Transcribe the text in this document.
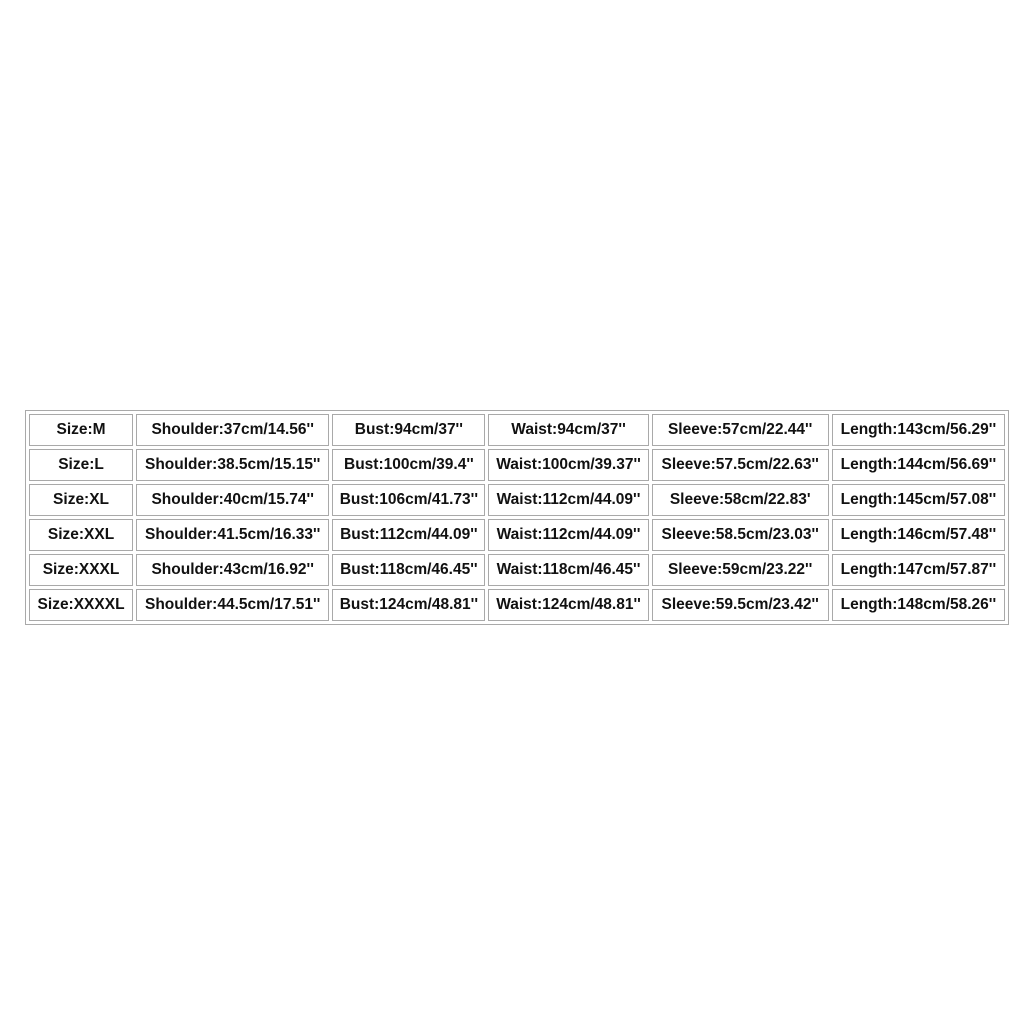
Size:M	Shoulder:37cm/14.56''	Bust:94cm/37''	Waist:94cm/37''	Sleeve:57cm/22.44''	Length:143cm/56.29''
Size:L	Shoulder:38.5cm/15.15''	Bust:100cm/39.4''	Waist:100cm/39.37''	Sleeve:57.5cm/22.63''	Length:144cm/56.69''
Size:XL	Shoulder:40cm/15.74''	Bust:106cm/41.73''	Waist:112cm/44.09''	Sleeve:58cm/22.83'	Length:145cm/57.08''
Size:XXL	Shoulder:41.5cm/16.33''	Bust:112cm/44.09''	Waist:112cm/44.09''	Sleeve:58.5cm/23.03''	Length:146cm/57.48''
Size:XXXL	Shoulder:43cm/16.92''	Bust:118cm/46.45''	Waist:118cm/46.45''	Sleeve:59cm/23.22''	Length:147cm/57.87''
Size:XXXXL	Shoulder:44.5cm/17.51''	Bust:124cm/48.81''	Waist:124cm/48.81''	Sleeve:59.5cm/23.42''	Length:148cm/58.26''
